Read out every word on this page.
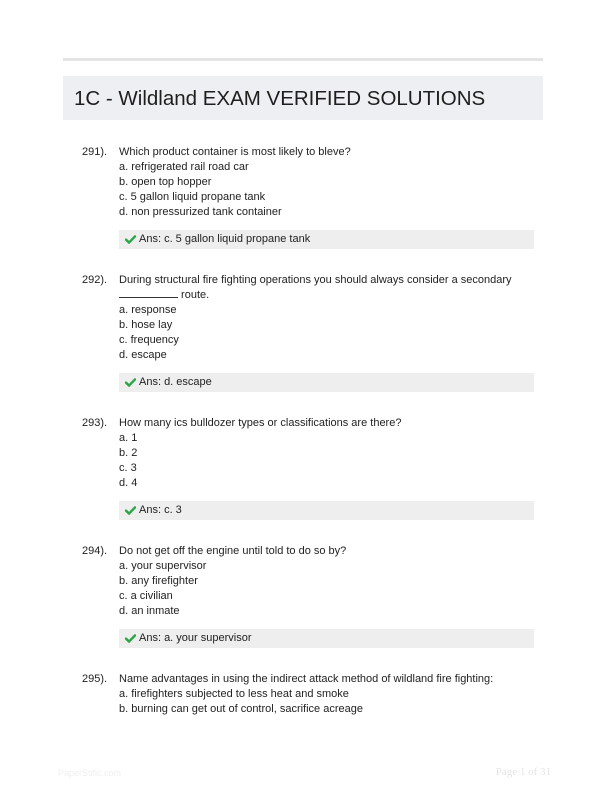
1C - Wildland EXAM VERIFIED SOLUTIONS
291). Which product container is most likely to bleve?
a. refrigerated rail road car
b. open top hopper
c. 5 gallon liquid propane tank
d. non pressurized tank container
Ans: c. 5 gallon liquid propane tank
292). During structural fire fighting operations you should always consider a secondary  route.
a. response
b. hose lay
c. frequency
d. escape
Ans: d. escape
293). How many ics bulldozer types or classifications are there?
a. 1
b. 2
c. 3
d. 4
Ans: c. 3
294). Do not get off the engine until told to do so by?
a. your supervisor
b. any firefighter
c. a civilian
d. an inmate
Ans: a. your supervisor
295). Name advantages in using the indirect attack method of wildland fire fighting:
a. firefighters subjected to less heat and smoke
b. burning can get out of control, sacrifice acreage
PaperStific.com	Page 1 of 31
